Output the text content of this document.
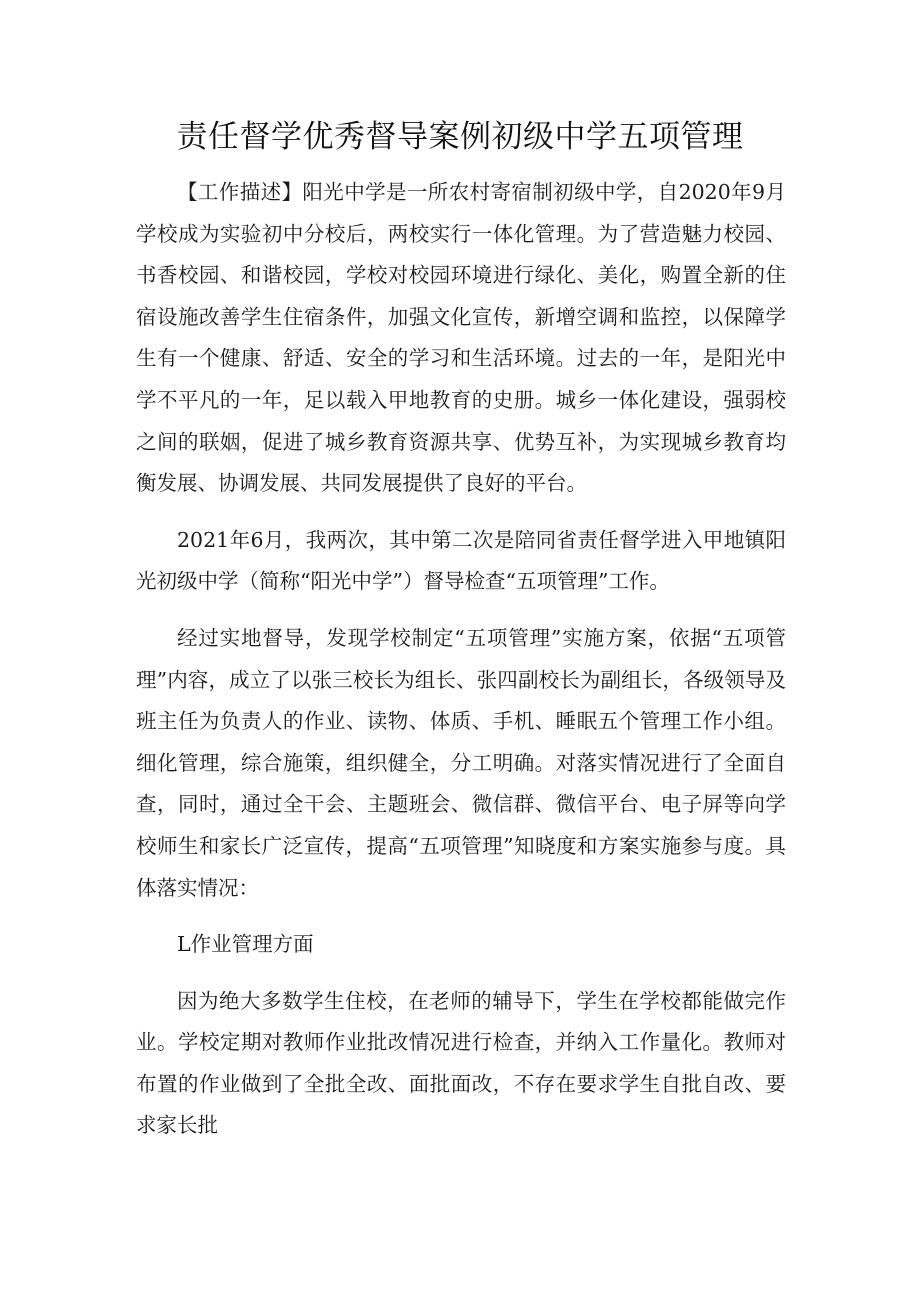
责任督学优秀督导案例初级中学五项管理

【工作描述】阳光中学是一所农村寄宿制初级中学，自2020年9月学校成为实验初中分校后，两校实行一体化管理。为了营造魅力校园、书香校园、和谐校园，学校对校园环境进行绿化、美化，购置全新的住宿设施改善学生住宿条件，加强文化宣传，新增空调和监控，以保障学生有一个健康、舒适、安全的学习和生活环境。过去的一年，是阳光中学不平凡的一年，足以载入甲地教育的史册。城乡一体化建设，强弱校之间的联姻，促进了城乡教育资源共享、优势互补，为实现城乡教育均衡发展、协调发展、共同发展提供了良好的平台。

2021年6月，我两次，其中第二次是陪同省责任督学进入甲地镇阳光初级中学（简称“阳光中学”）督导检查“五项管理”工作。

经过实地督导，发现学校制定“五项管理”实施方案，依据“五项管理”内容，成立了以张三校长为组长、张四副校长为副组长，各级领导及班主任为负责人的作业、读物、体质、手机、睡眠五个管理工作小组。细化管理，综合施策，组织健全，分工明确。对落实情况进行了全面自查，同时，通过全干会、主题班会、微信群、微信平台、电子屏等向学校师生和家长广泛宣传，提高“五项管理”知晓度和方案实施参与度。具体落实情况：

L作业管理方面

因为绝大多数学生住校，在老师的辅导下，学生在学校都能做完作业。学校定期对教师作业批改情况进行检查，并纳入工作量化。教师对布置的作业做到了全批全改、面批面改，不存在要求学生自批自改、要求家长批
